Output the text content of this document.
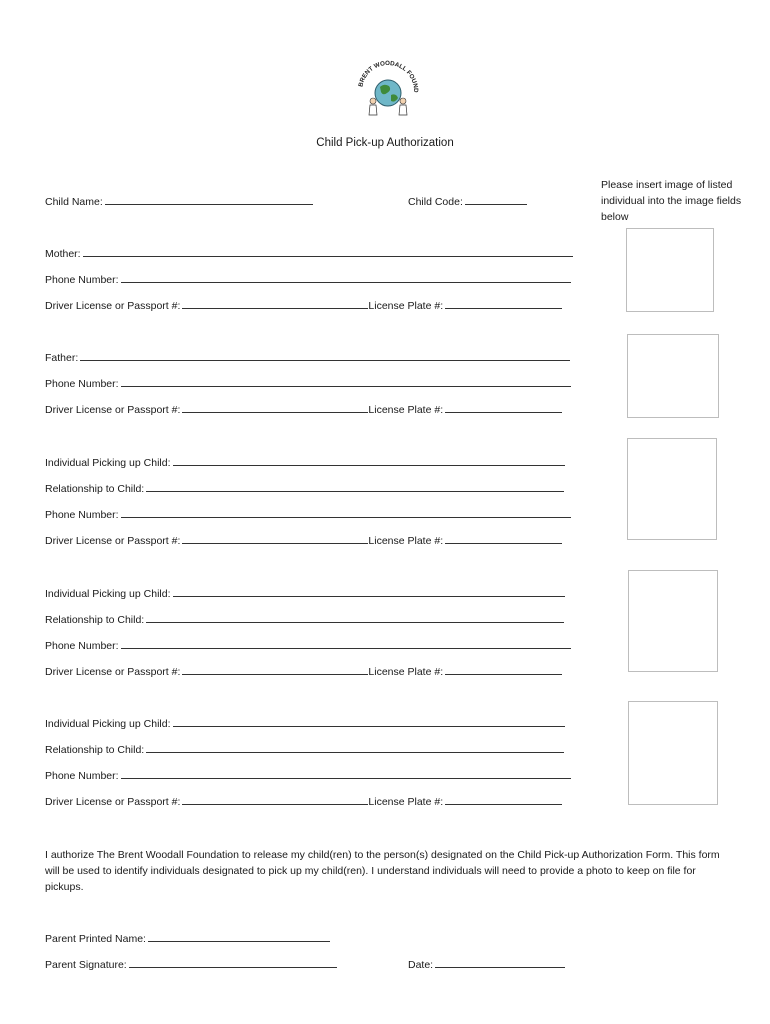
BRENT WOODALL FOUND
Child Pick-up Authorization
Child Name:	Child Code:
Please insert image of listed individual into the image fields below
Mother:
Phone Number:
Driver License or Passport #:	License Plate #:
Father:
Phone Number:
Driver License or Passport #:	License Plate #:
Individual Picking up Child:
Relationship to Child:
Phone Number:
Driver License or Passport #:	License Plate #:
Individual Picking up Child:
Relationship to Child:
Phone Number:
Driver License or Passport #:	License Plate #:
Individual Picking up Child:
Relationship to Child:
Phone Number:
Driver License or Passport #:	License Plate #:
I authorize The Brent Woodall Foundation to release my child(ren) to the person(s) designated on the Child Pick-up Authorization Form. This form will be used to identify individuals designated to pick up my child(ren). I understand individuals will need to provide a photo to keep on file for pickups.
Parent Printed Name:
Parent Signature:	Date:
